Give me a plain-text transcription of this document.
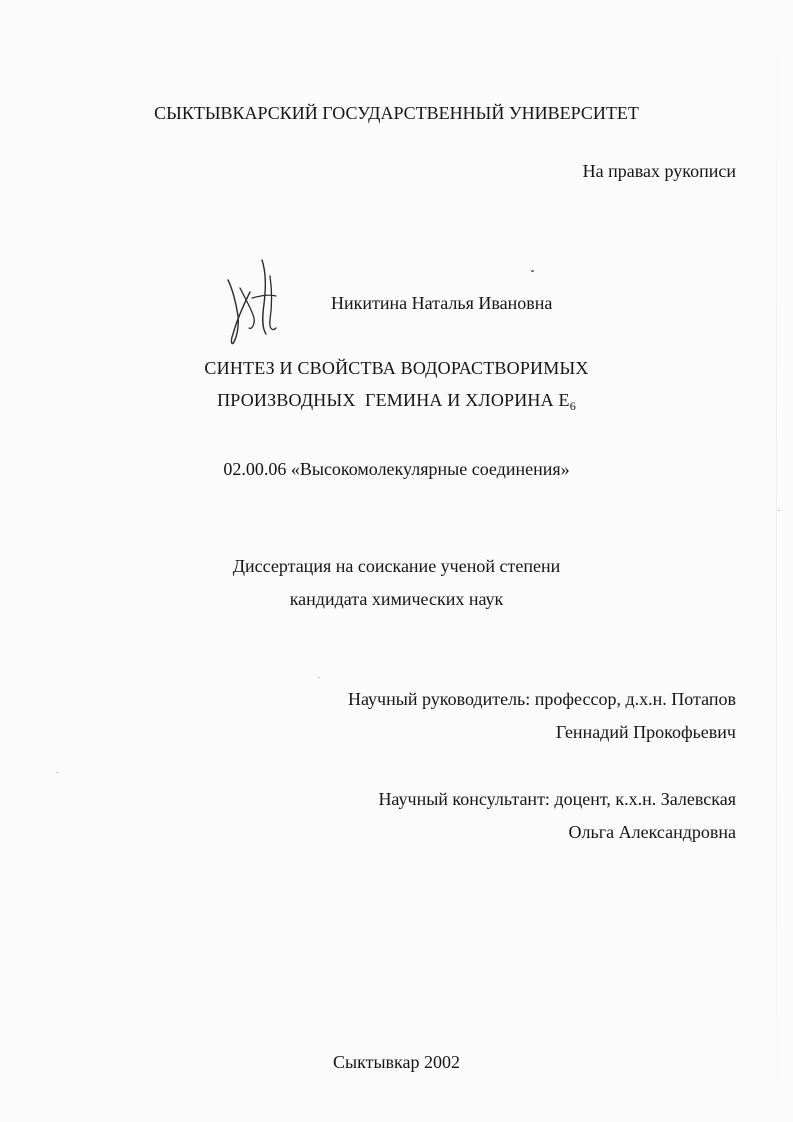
СЫКТЫВКАРСКИЙ ГОСУДАРСТВЕННЫЙ УНИВЕРСИТЕТ
На правах рукописи
Никитина Наталья Ивановна
СИНТЕЗ И СВОЙСТВА ВОДОРАСТВОРИМЫХ
ПРОИЗВОДНЫХ  ГЕМИНА И ХЛОРИНА $Е_6$
02.00.06 «Высокомолекулярные соединения»
Диссертация на соискание ученой степени
кандидата химических наук
Научный руководитель: профессор, д.х.н. Потапов
Геннадий Прокофьевич
Научный консультант: доцент, к.х.н. Залевская
Ольга Александровна
Сыктывкар 2002
